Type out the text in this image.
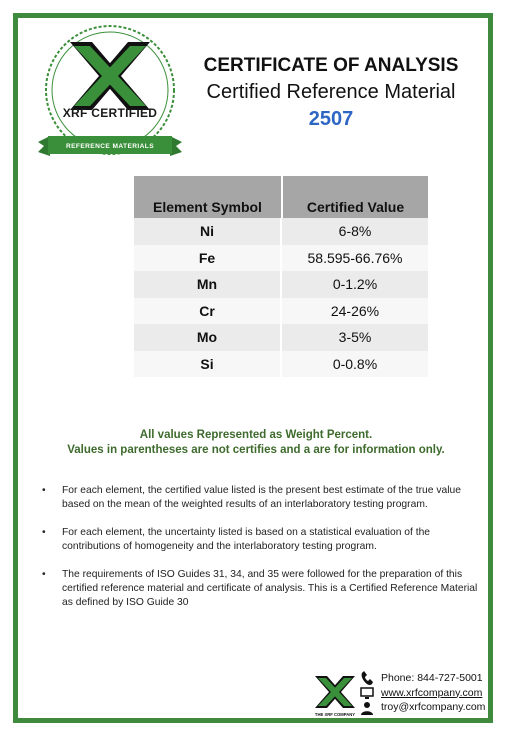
XRF CERTIFIED
REFERENCE MATERIALS
CERTIFICATE OF ANALYSIS
Certified Reference Material
2507
Element Symbol	Certified Value
Ni	6-8%
Fe	58.595-66.76%
Mn	0-1.2%
Cr	24-26%
Mo	3-5%
Si	0-0.8%
All values Represented as Weight Percent.
Values in parentheses are not certifies and a are for information only.
• For each element, the certified value listed is the present best estimate of the true value based on the mean of the weighted results of an interlaboratory testing program.
• For each element, the uncertainty listed is based on a statistical evaluation of the contributions of homogeneity and the interlaboratory testing program.
• The requirements of ISO Guides 31, 34, and 35 were followed for the preparation of this certified reference material and certificate of analysis. This is a Certified Reference Material as defined by ISO Guide 30
THE XRF COMPANY
Phone: 844-727-5001
www.xrfcompany.com
troy@xrfcompany.com
